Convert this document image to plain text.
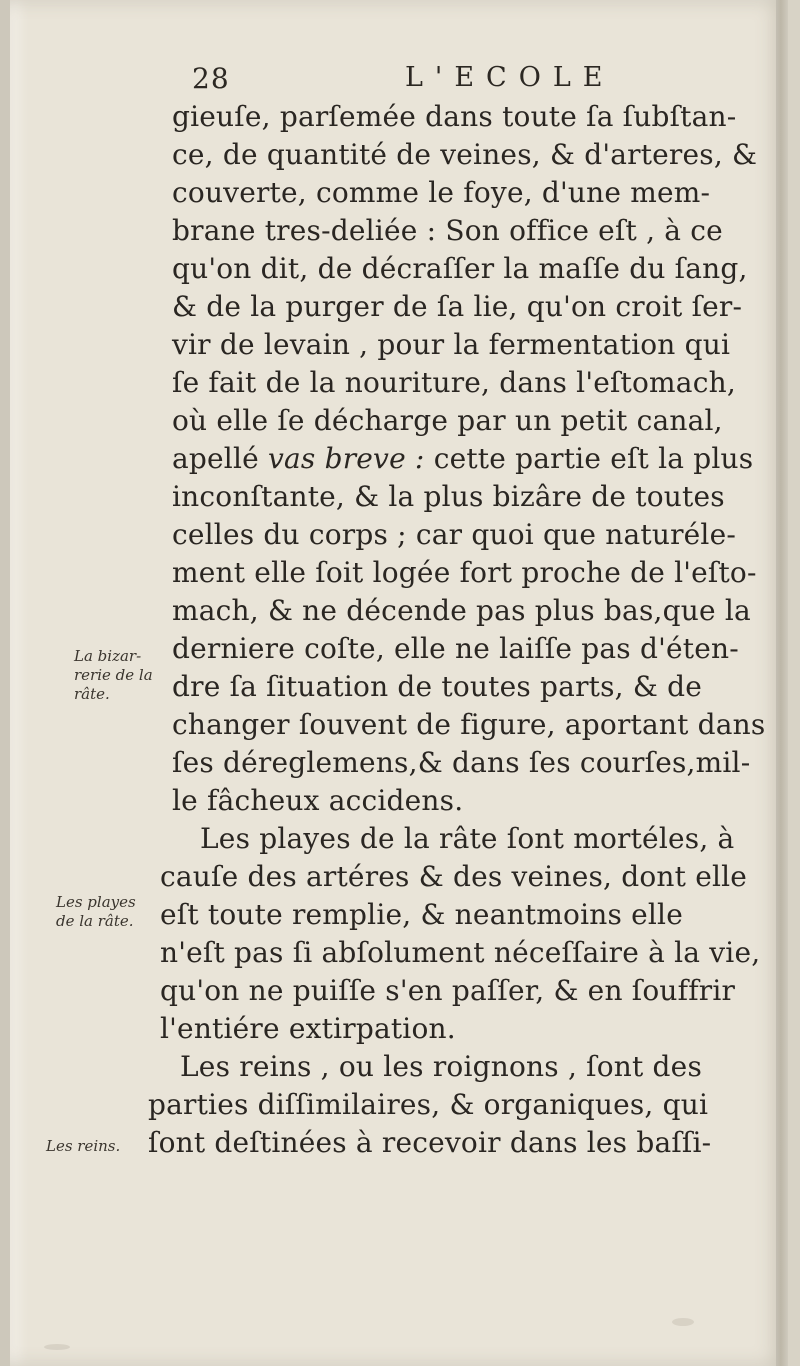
28	L'ECOLE
gieuſe, parſemée dans toute ſa ſubſtan-
ce, de quantité de veines, & d'arteres, &
couverte, comme le foye, d'une mem-
brane tres-deliée : Son office eſt , à ce
qu'on dit, de décraſſer la maſſe du ſang,
& de la purger de ſa lie, qu'on croit ſer-
vir de levain , pour la fermentation qui
ſe fait de la nouriture, dans l'eſtomach,
où elle ſe décharge par un petit canal,
apellé vas breve : cette partie eſt la plus
inconſtante, & la plus bizâre de toutes
celles du corps ; car quoi que naturéle-
ment elle ſoit logée fort proche de l'eſto-
mach, & ne décende pas plus bas,que la
derniere coſte, elle ne laiſſe pas d'éten-
dre ſa ſituation de toutes parts, & de
changer ſouvent de figure, aportant dans
ſes déreglemens,& dans ſes courſes,mil-
le fâcheux accidens.
Les playes de la râte ſont mortéles, à
cauſe des artéres & des veines, dont elle
eſt toute remplie, & neantmoins elle
n'eſt pas ſi abſolument néceſſaire à la vie,
qu'on ne puiſſe s'en paſſer, & en ſouffrir
l'entiére extirpation.
Les reins , ou les roignons , ſont des
parties diſſimilaires, & organiques, qui
ſont deſtinées à recevoir dans les baſſi-
La bizar-
rerie de la
râte.
Les playes
de la râte.
Les reins.
